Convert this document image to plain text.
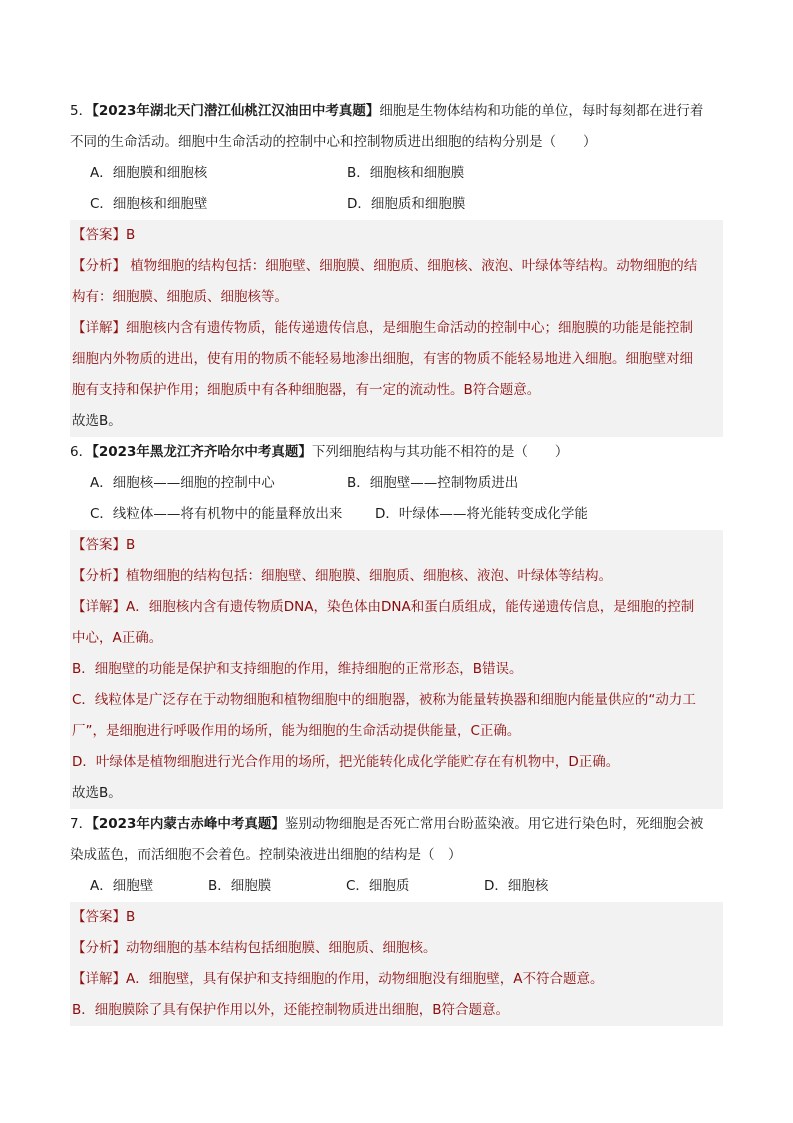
5．【2023年湖北天门潜江仙桃江汉油田中考真题】细胞是生物体结构和功能的单位，每时每刻都在进行着
不同的生命活动。细胞中生命活动的控制中心和控制物质进出细胞的结构分别是（　　）

A．细胞膜和细胞核	B．细胞核和细胞膜
C．细胞核和细胞壁	D．细胞质和细胞膜

【答案】B

【分析】 植物细胞的结构包括：细胞壁、细胞膜、细胞质、细胞核、液泡、叶绿体等结构。动物细胞的结
构有：细胞膜、细胞质、细胞核等。

【详解】细胞核内含有遗传物质，能传递遗传信息，是细胞生命活动的控制中心；细胞膜的功能是能控制
细胞内外物质的进出，使有用的物质不能轻易地渗出细胞，有害的物质不能轻易地进入细胞。细胞壁对细
胞有支持和保护作用；细胞质中有各种细胞器，有一定的流动性。B符合题意。

故选B。

6．【2023年黑龙江齐齐哈尔中考真题】下列细胞结构与其功能不相符的是（　　）

A．细胞核——细胞的控制中心	B．细胞壁——控制物质进出
C．线粒体——将有机物中的能量释放出来	D．叶绿体——将光能转变成化学能

【答案】B

【分析】植物细胞的结构包括：细胞壁、细胞膜、细胞质、细胞核、液泡、叶绿体等结构。

【详解】A．细胞核内含有遗传物质DNA，染色体由DNA和蛋白质组成，能传递遗传信息，是细胞的控制
中心，A正确。

B．细胞壁的功能是保护和支持细胞的作用，维持细胞的正常形态，B错误。

C．线粒体是广泛存在于动物细胞和植物细胞中的细胞器，被称为能量转换器和细胞内能量供应的“动力工
厂”，是细胞进行呼吸作用的场所，能为细胞的生命活动提供能量，C正确。

D．叶绿体是植物细胞进行光合作用的场所，把光能转化成化学能贮存在有机物中，D正确。

故选B。

7．【2023年内蒙古赤峰中考真题】鉴别动物细胞是否死亡常用台盼蓝染液。用它进行染色时，死细胞会被
染成蓝色，而活细胞不会着色。控制染液进出细胞的结构是（　）

A．细胞壁	B．细胞膜	C．细胞质	D．细胞核

【答案】B

【分析】动物细胞的基本结构包括细胞膜、细胞质、细胞核。

【详解】A．细胞壁，具有保护和支持细胞的作用，动物细胞没有细胞壁，A不符合题意。

B．细胞膜除了具有保护作用以外，还能控制物质进出细胞，B符合题意。
